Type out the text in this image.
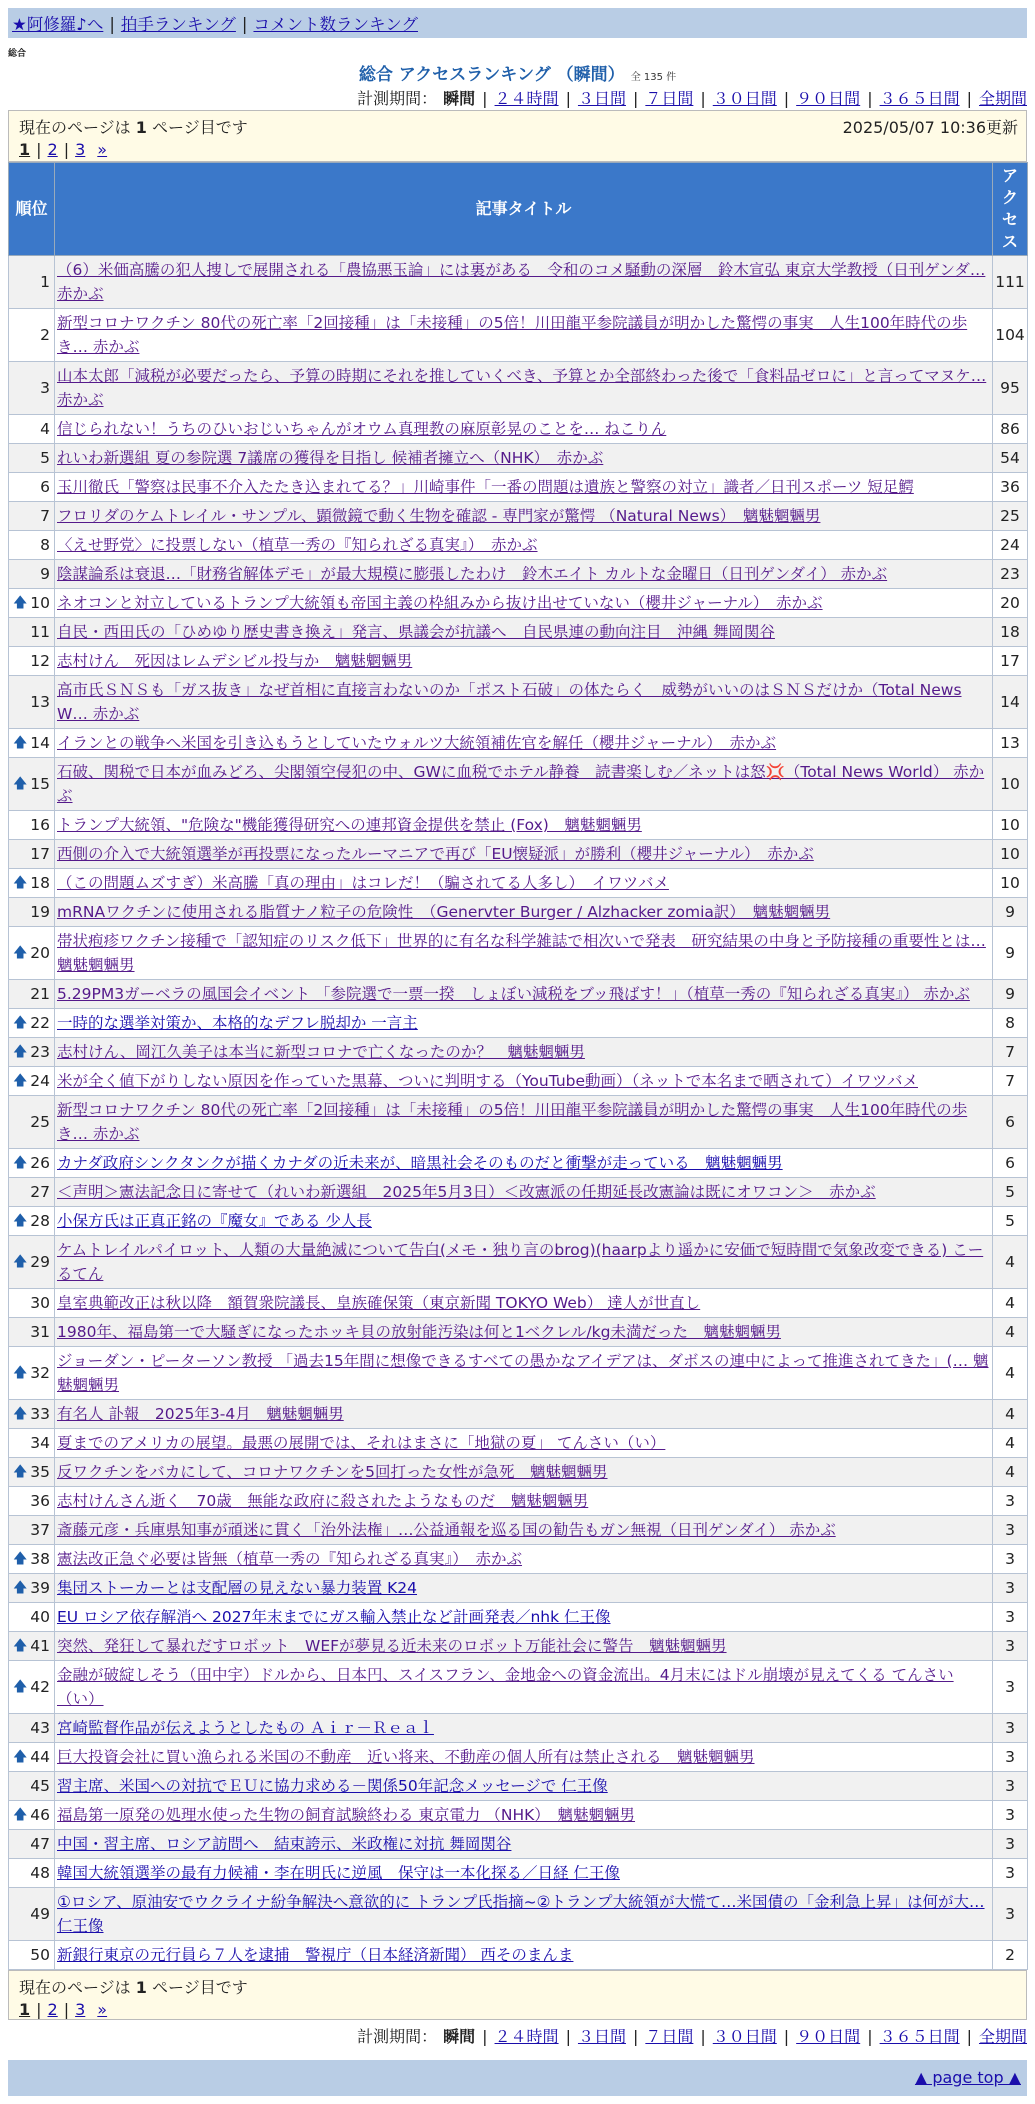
★阿修羅♪へ | 拍手ランキング | コメント数ランキング
総合
総合 アクセスランキング （瞬間） 全 135 件
計測期間： 瞬間 | ２４時間 | ３日間 | ７日間 | ３０日間 | ９０日間 | ３６５日間 | 全期間
現在のページは 1 ページ目です	2025/05/07 10:36更新
1 | 2 | 3 »
順位	記事タイトル	アクセス
1	（6）米価高騰の犯人捜しで展開される「農協悪玉論」には裏がある　令和のコメ騒動の深層　鈴木宣弘 東京大学教授（日刊ゲンダ… 赤かぶ	111
2	新型コロナワクチン 80代の死亡率「2回接種」は「未接種」の5倍！川田龍平参院議員が明かした驚愕の事実　人生100年時代の歩き… 赤かぶ	104
3	山本太郎「減税が必要だったら、予算の時期にそれを推していくべき、予算とか全部終わった後で「食料品ゼロに」と言ってマヌケ… 赤かぶ	95
4	信じられない！うちのひいおじいちゃんがオウム真理教の麻原彰晃のことを… ねこりん	86
5	れいわ新選組 夏の参院選 7議席の獲得を目指し 候補者擁立へ（NHK）　赤かぶ	54
6	玉川徹氏「警察は民事不介入たたき込まれてる？」川崎事件「一番の問題は遺族と警察の対立」識者／日刊スポーツ 短足鰐	36
7	フロリダのケムトレイル・サンプル、顕微鏡で動く生物を確認 - 専門家が驚愕 （Natural News）　魑魅魍魎男	25
8	〈えせ野党〉に投票しない（植草一秀の『知られざる真実』）　赤かぶ	24
9	陰謀論系は衰退…「財務省解体デモ」が最大規模に膨張したわけ　鈴木エイト カルトな金曜日（日刊ゲンダイ） 赤かぶ	23

🡅 10	ネオコンと対立しているトランプ大統領も帝国主義の枠組みから抜け出せていない（櫻井ジャーナル）　赤かぶ	20
11	自民・西田氏の「ひめゆり歴史書き換え」発言、県議会が抗議へ　自民県連の動向注目　沖縄 舞岡関谷	18
12	志村けん　死因はレムデシビル投与か　魑魅魍魎男	17
13	高市氏ＳＮＳも「ガス抜き」なぜ首相に直接言わないのか「ポスト石破」の体たらく　威勢がいいのはＳＮＳだけか（Total News W… 赤かぶ	14

🡅 14	イランとの戦争へ米国を引き込もうとしていたウォルツ大統領補佐官を解任（櫻井ジャーナル）　赤かぶ	13

🡅 15	石破、関税で日本が血みどろ、尖閣領空侵犯の中、GWに血税でホテル静養　読書楽しむ／ネットは怒💢（Total News World） 赤かぶ	10
16	トランプ大統領、"危険な"機能獲得研究への連邦資金提供を禁止 (Fox)　魑魅魍魎男	10
17	西側の介入で大統領選挙が再投票になったルーマニアで再び「EU懐疑派」が勝利（櫻井ジャーナル）　赤かぶ	10

🡅 18	（この問題ムズすぎ）米高騰「真の理由」はコレだ！（騙されてる人多し）　イワツバメ	10
19	mRNAワクチンに使用される脂質ナノ粒子の危険性　（Genervter Burger / Alzhacker zomia訳）　魑魅魍魎男	9

🡅 20	帯状疱疹ワクチン接種で「認知症のリスク低下」世界的に有名な科学雑誌で相次いで発表　研究結果の中身と予防接種の重要性とは… 魑魅魍魎男	9
21	5.29PM3ガーベラの風国会イベント 「参院選で一票一揆　しょぼい減税をブッ飛ばす！」（植草一秀の『知られざる真実』） 赤かぶ	9

🡅 22	一時的な選挙対策か、本格的なデフレ脱却か 一言主	8

🡅 23	志村けん、岡江久美子は本当に新型コロナで亡くなったのか？　魑魅魍魎男	7

🡅 24	米が全く値下がりしない原因を作っていた黒幕、ついに判明する（YouTube動画）（ネットで本名まで晒されて）イワツバメ	7
25	新型コロナワクチン 80代の死亡率「2回接種」は「未接種」の5倍！川田龍平参院議員が明かした驚愕の事実　人生100年時代の歩き… 赤かぶ	6

🡅 26	カナダ政府シンクタンクが描くカナダの近未来が、暗黒社会そのものだと衝撃が走っている　魑魅魍魎男	6
27	＜声明＞憲法記念日に寄せて（れいわ新選組　2025年5月3日）＜改憲派の任期延長改憲論は既にオワコン＞　赤かぶ	5

🡅 28	小保方氏は正真正銘の『魔女』である 少人長	5

🡅 29	ケムトレイルパイロット、人類の大量絶滅について告白(メモ・独り言のbrog)(haarpより遥かに安価で短時間で気象改変できる) こーるてん	4
30	皇室典範改正は秋以降　額賀衆院議長、皇族確保策（東京新聞 TOKYO Web） 達人が世直し	4
31	1980年、福島第一で大騒ぎになったホッキ貝の放射能汚染は何と1ベクレル/kg未満だった　魑魅魍魎男	4

🡅 32	ジョーダン・ピーターソン教授 「過去15年間に想像できるすべての愚かなアイデアは、ダボスの連中によって推進されてきた」(… 魑魅魍魎男	4

🡅 33	有名人 訃報　2025年3-4月　魑魅魍魎男	4
34	夏までのアメリカの展望。最悪の展開では、それはまさに「地獄の夏」 てんさい（い）	4

🡅 35	反ワクチンをバカにして、コロナワクチンを5回打った女性が急死　魑魅魍魎男	4
36	志村けんさん逝く　70歳　無能な政府に殺されたようなものだ　魑魅魍魎男	3
37	斎藤元彦・兵庫県知事が頑迷に貫く「治外法権」…公益通報を巡る国の勧告もガン無視（日刊ゲンダイ） 赤かぶ	3

🡅 38	憲法改正急ぐ必要は皆無（植草一秀の『知られざる真実』）　赤かぶ	3

🡅 39	集団ストーカーとは支配層の見えない暴力装置 K24	3
40	EU ロシア依存解消へ 2027年末までにガス輸入禁止など計画発表／nhk 仁王像	3

🡅 41	突然、発狂して暴れだすロボット　WEFが夢見る近未来のロボット万能社会に警告　魑魅魍魎男	3

🡅 42	金融が破綻しそう（田中宇）ドルから、日本円、スイスフラン、金地金への資金流出。4月末にはドル崩壊が見えてくる てんさい（い）	3
43	宮崎監督作品が伝えようとしたもの Ａｉｒ－Ｒｅａｌ	3

🡅 44	巨大投資会社に買い漁られる米国の不動産　近い将来、不動産の個人所有は禁止される　魑魅魍魎男	3
45	習主席、米国への対抗でＥＵに協力求める－関係50年記念メッセージで 仁王像	3

🡅 46	福島第一原発の処理水使った生物の飼育試験終わる 東京電力 （NHK）　魑魅魍魎男	3
47	中国・習主席、ロシア訪問へ　結束誇示、米政権に対抗 舞岡関谷	3
48	韓国大統領選挙の最有力候補・李在明氏に逆風　保守は一本化探る／日経 仁王像	3
49	①ロシア、原油安でウクライナ紛争解決へ意欲的に トランプ氏指摘~②トランプ大統領が大慌て…米国債の「金利急上昇」は何が大… 仁王像	3
50	新銀行東京の元行員ら７人を逮捕　警視庁（日本経済新聞） 西そのまんま	2
現在のページは 1 ページ目です
1 | 2 | 3 »
計測期間： 瞬間 | ２４時間 | ３日間 | ７日間 | ３０日間 | ９０日間 | ３６５日間 | 全期間
▲ page top ▲
